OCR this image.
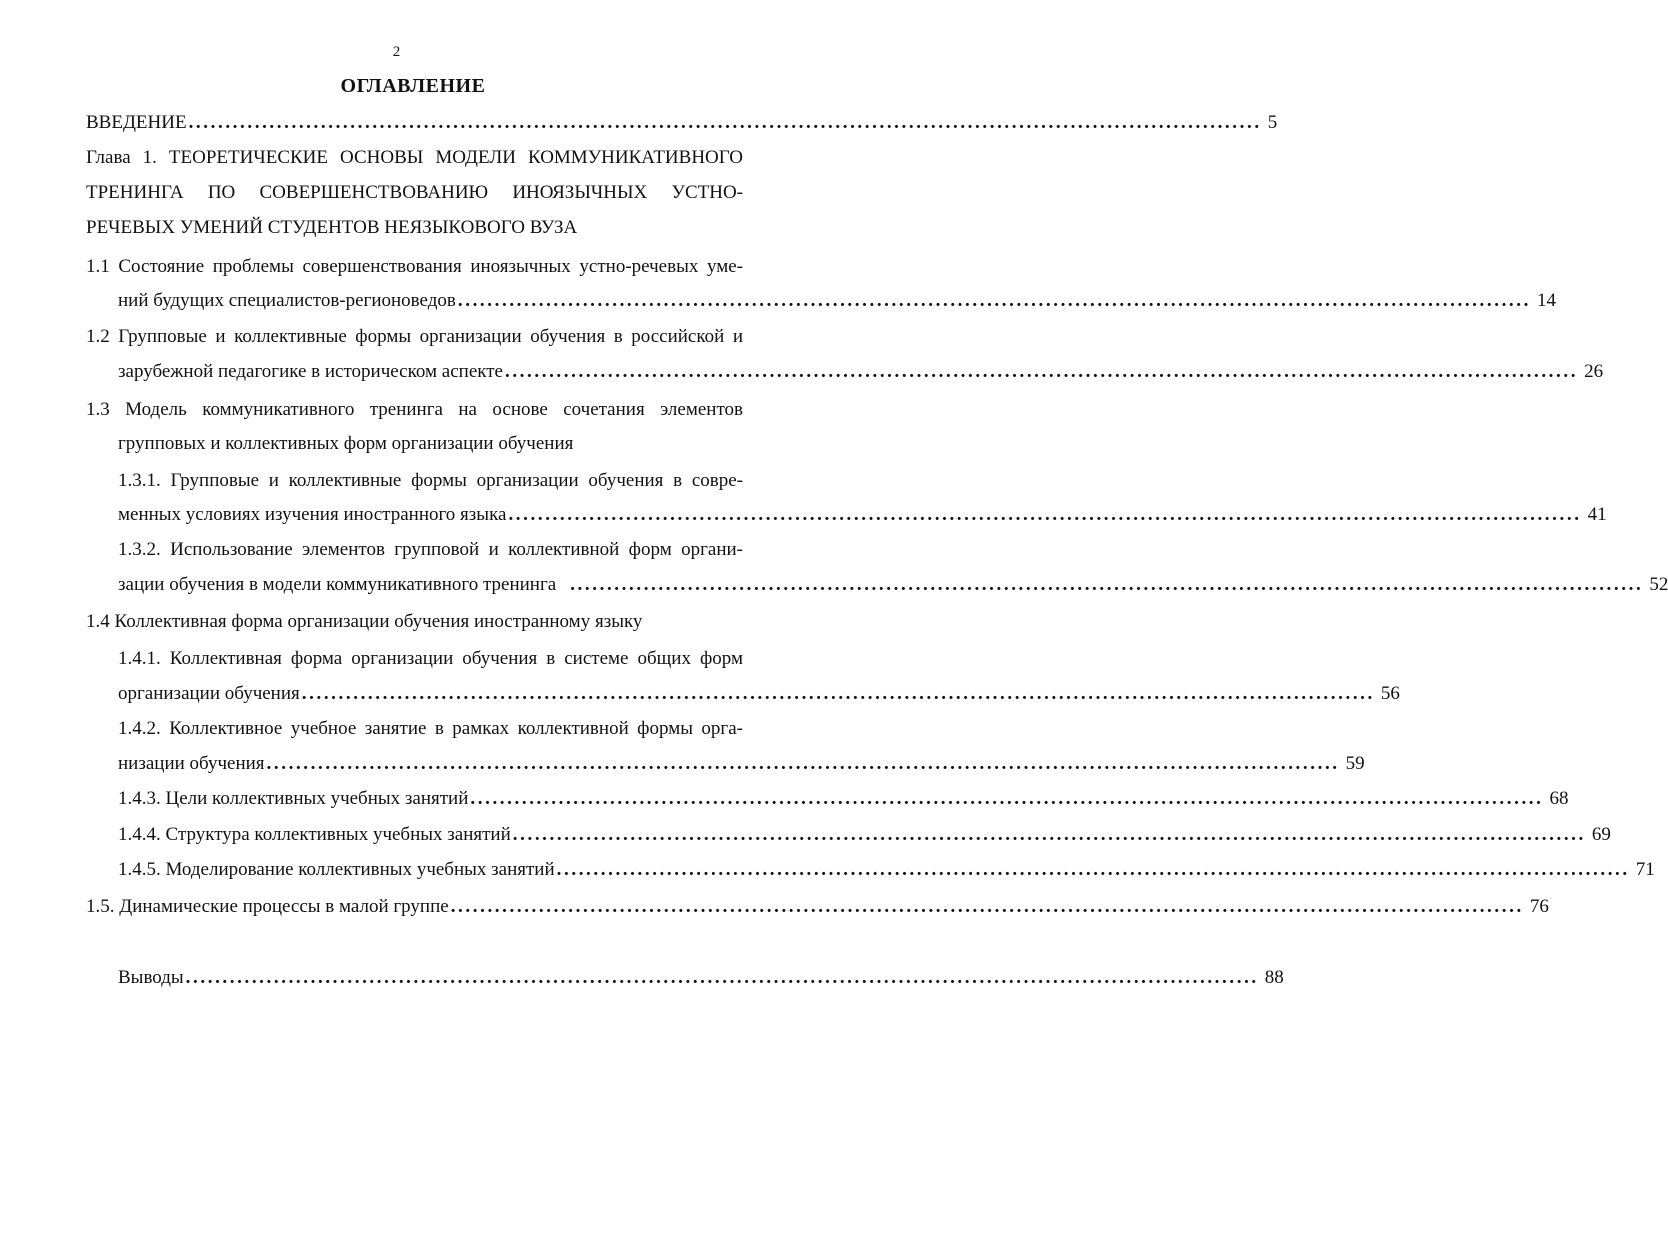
2
ОГЛАВЛЕНИЕ
ВВЕДЕНИЕ .................................................................................................................................................. 5
Глава 1. ТЕОРЕТИЧЕСКИЕ ОСНОВЫ МОДЕЛИ КОММУНИКАТИВНОГО
ТРЕНИНГА ПО СОВЕРШЕНСТВОВАНИЮ ИНОЯЗЫЧНЫХ УСТНО-
РЕЧЕВЫХ УМЕНИЙ СТУДЕНТОВ НЕЯЗЫКОВОГО ВУЗА
1.1 Состояние проблемы совершенствования иноязычных устно-речевых уме-
ний будущих специалистов-регионоведов .................................................................................................................................................. 14
1.2 Групповые и коллективные формы организации обучения в российской и
зарубежной педагогике в историческом аспекте .................................................................................................................................................. 26
1.3 Модель коммуникативного тренинга на основе сочетания элементов
групповых и коллективных форм организации обучения
1.3.1. Групповые и коллективные формы организации обучения в совре-
менных условиях изучения иностранного языка .................................................................................................................................................. 41
1.3.2. Использование элементов групповой и коллективной форм органи-
зации обучения в модели коммуникативного тренинга .................................................................................................................................................. 52
1.4 Коллективная форма организации обучения иностранному языку
1.4.1. Коллективная форма организации обучения в системе общих форм
организации обучения .................................................................................................................................................. 56
1.4.2. Коллективное учебное занятие в рамках коллективной формы орга-
низации обучения .................................................................................................................................................. 59
1.4.3. Цели коллективных учебных занятий .................................................................................................................................................. 68
1.4.4. Структура коллективных учебных занятий .................................................................................................................................................. 69
1.4.5. Моделирование коллективных учебных занятий .................................................................................................................................................. 71
1.5. Динамические процессы в малой группе .................................................................................................................................................. 76
Выводы .................................................................................................................................................. 88
